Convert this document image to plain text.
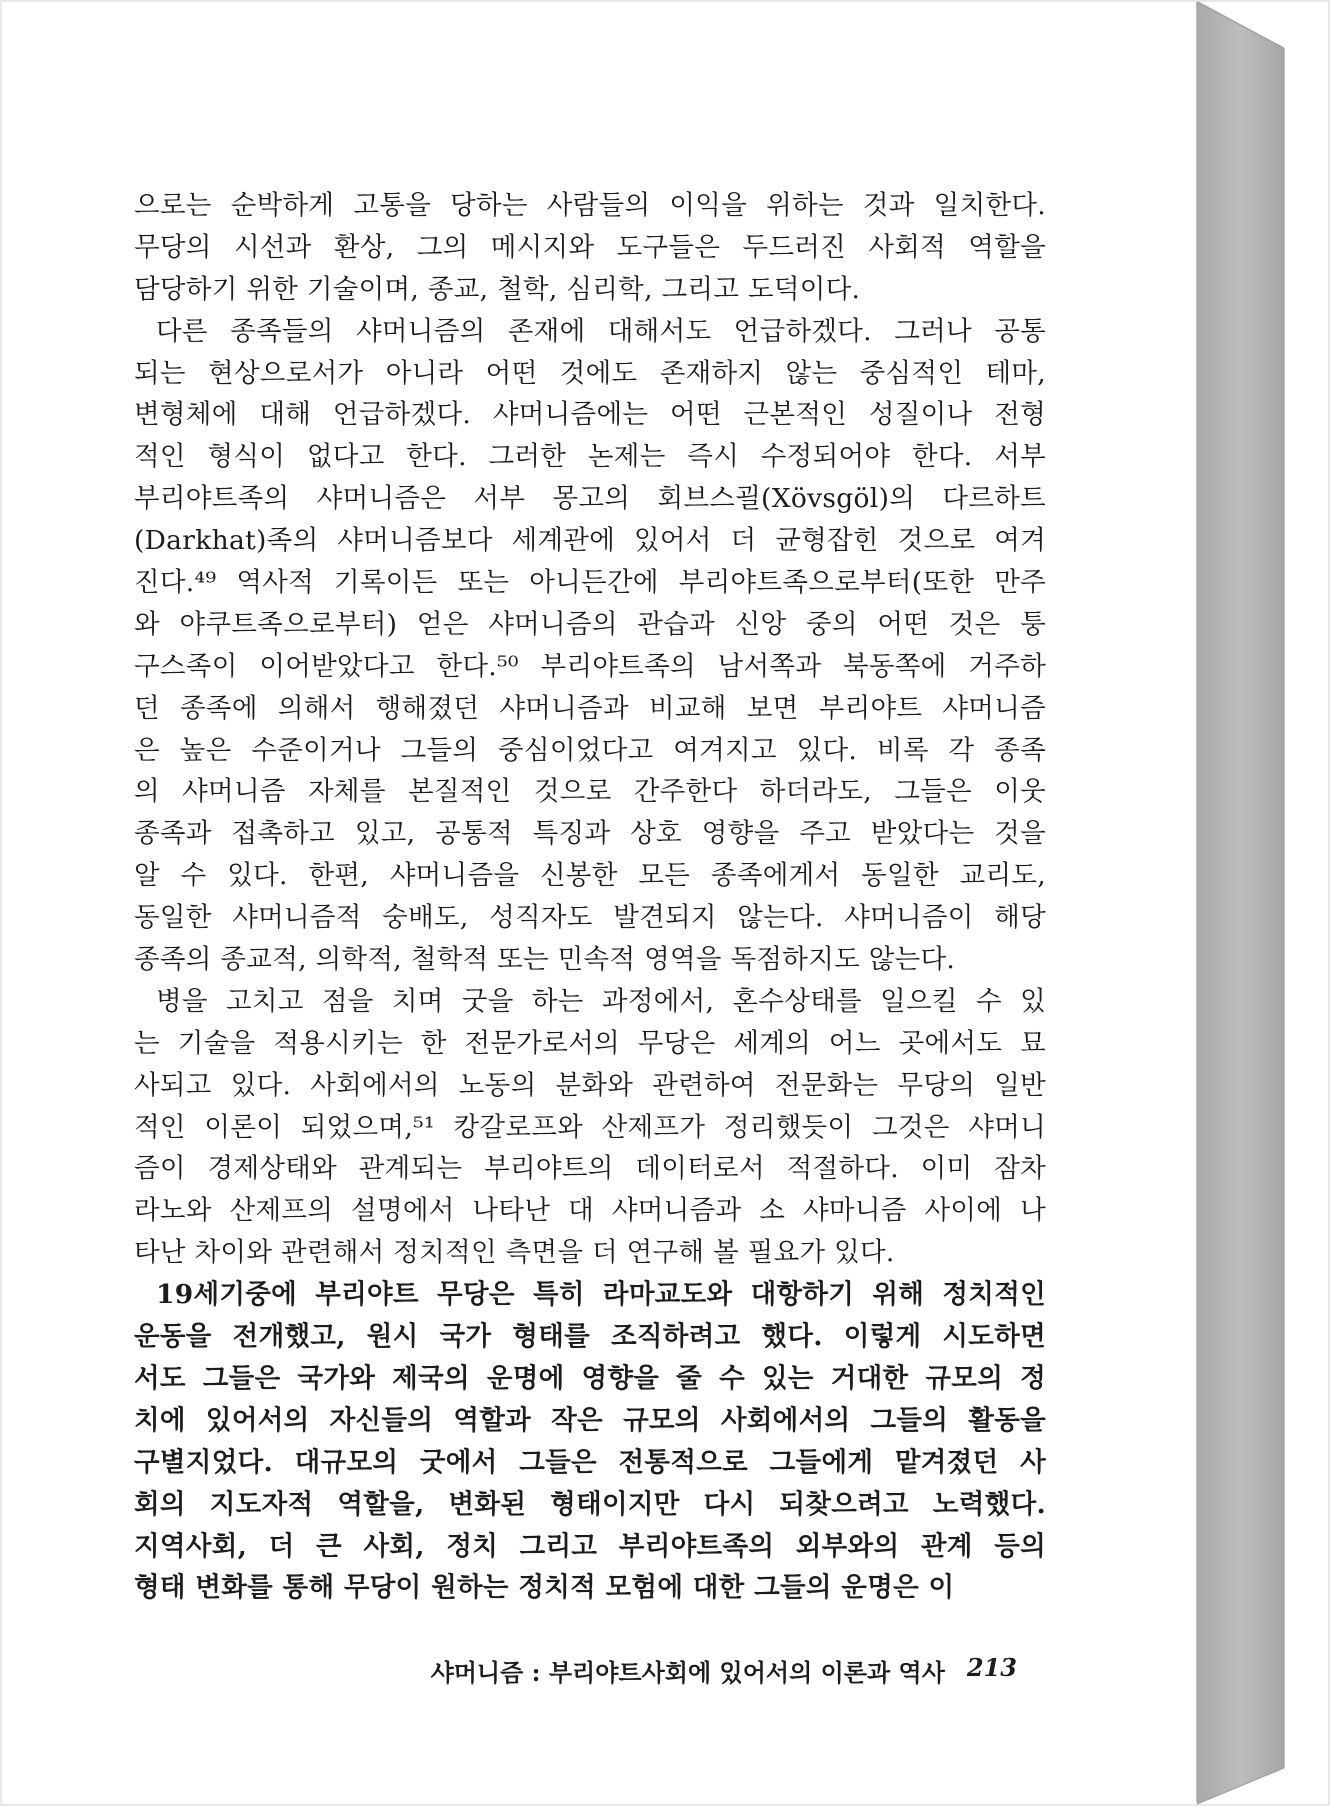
으로는 순박하게 고통을 당하는 사람들의 이익을 위하는 것과 일치한다.
무당의 시선과 환상, 그의 메시지와 도구들은 두드러진 사회적 역할을
담당하기 위한 기술이며, 종교, 철학, 심리학, 그리고 도덕이다.
다른 종족들의 샤머니즘의 존재에 대해서도 언급하겠다. 그러나 공통
되는 현상으로서가 아니라 어떤 것에도 존재하지 않는 중심적인 테마,
변형체에 대해 언급하겠다. 샤머니즘에는 어떤 근본적인 성질이나 전형
적인 형식이 없다고 한다. 그러한 논제는 즉시 수정되어야 한다. 서부
부리야트족의 샤머니즘은 서부 몽고의 회브스괼(Xövsgöl)의 다르하트
(Darkhat)족의 샤머니즘보다 세계관에 있어서 더 균형잡힌 것으로 여겨
진다.⁴⁹ 역사적 기록이든 또는 아니든간에 부리야트족으로부터(또한 만주
와 야쿠트족으로부터) 얻은 샤머니즘의 관습과 신앙 중의 어떤 것은 퉁
구스족이 이어받았다고 한다.⁵⁰ 부리야트족의 남서쪽과 북동쪽에 거주하
던 종족에 의해서 행해졌던 샤머니즘과 비교해 보면 부리야트 샤머니즘
은 높은 수준이거나 그들의 중심이었다고 여겨지고 있다. 비록 각 종족
의 샤머니즘 자체를 본질적인 것으로 간주한다 하더라도, 그들은 이웃
종족과 접촉하고 있고, 공통적 특징과 상호 영향을 주고 받았다는 것을
알 수 있다. 한편, 샤머니즘을 신봉한 모든 종족에게서 동일한 교리도,
동일한 샤머니즘적 숭배도, 성직자도 발견되지 않는다. 샤머니즘이 해당
종족의 종교적, 의학적, 철학적 또는 민속적 영역을 독점하지도 않는다.
병을 고치고 점을 치며 굿을 하는 과정에서, 혼수상태를 일으킬 수 있
는 기술을 적용시키는 한 전문가로서의 무당은 세계의 어느 곳에서도 묘
사되고 있다. 사회에서의 노동의 분화와 관련하여 전문화는 무당의 일반
적인 이론이 되었으며,⁵¹ 캉갈로프와 산제프가 정리했듯이 그것은 샤머니
즘이 경제상태와 관계되는 부리야트의 데이터로서 적절하다. 이미 잠차
라노와 산제프의 설명에서 나타난 대 샤머니즘과 소 샤마니즘 사이에 나
타난 차이와 관련해서 정치적인 측면을 더 연구해 볼 필요가 있다.
19세기중에 부리야트 무당은 특히 라마교도와 대항하기 위해 정치적인
운동을 전개했고, 원시 국가 형태를 조직하려고 했다. 이렇게 시도하면
서도 그들은 국가와 제국의 운명에 영향을 줄 수 있는 거대한 규모의 정
치에 있어서의 자신들의 역할과 작은 규모의 사회에서의 그들의 활동을
구별지었다. 대규모의 굿에서 그들은 전통적으로 그들에게 맡겨졌던 사
회의 지도자적 역할을, 변화된 형태이지만 다시 되찾으려고 노력했다.
지역사회, 더 큰 사회, 정치 그리고 부리야트족의 외부와의 관계 등의
형태 변화를 통해 무당이 원하는 정치적 모험에 대한 그들의 운명은 이
샤머니즘 : 부리야트사회에 있어서의 이론과 역사 213
